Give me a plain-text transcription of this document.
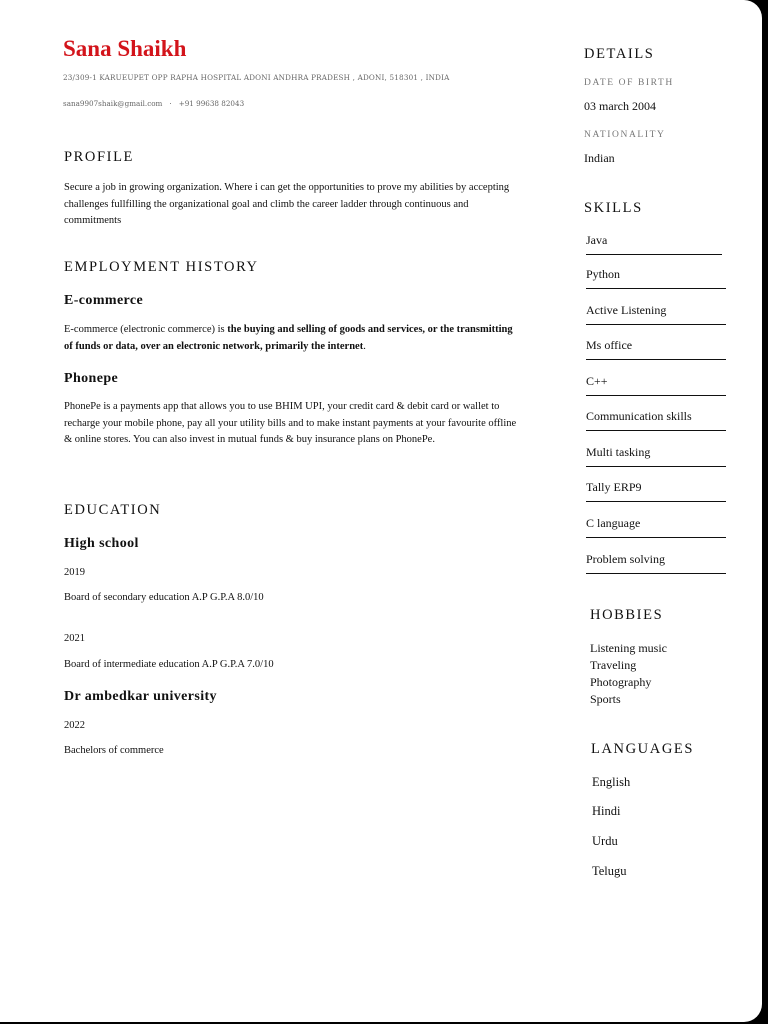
Sana Shaikh
23/309-1 KARUEUPET OPP RAPHA HOSPITAL ADONI ANDHRA PRADESH , ADONI, 518301 , INDIA
sana9907shaik@gmail.com · +91 99638 82043
PROFILE
Secure a job in growing organization. Where i can get the opportunities to prove my abilities by accepting challenges fullfilling the organizational goal and climb the career ladder through continuous and commitments
EMPLOYMENT HISTORY
E-commerce
E-commerce (electronic commerce) is the buying and selling of goods and services, or the transmitting of funds or data, over an electronic network, primarily the internet.
Phonepe
PhonePe is a payments app that allows you to use BHIM UPI, your credit card & debit card or wallet to recharge your mobile phone, pay all your utility bills and to make instant payments at your favourite offline & online stores. You can also invest in mutual funds & buy insurance plans on PhonePe.
EDUCATION
High school
2019
Board of secondary education A.P G.P.A 8.0/10
2021
Board of intermediate education A.P G.P.A 7.0/10
Dr ambedkar university
2022
Bachelors of commerce
DETAILS
DATE OF BIRTH
03 march 2004
NATIONALITY
Indian
SKILLS
Java
Python
Active Listening
Ms office
C++
Communication skills
Multi tasking
Tally ERP9
C language
Problem solving
HOBBIES
Listening music
Traveling
Photography
Sports
LANGUAGES
English
Hindi
Urdu
Telugu
